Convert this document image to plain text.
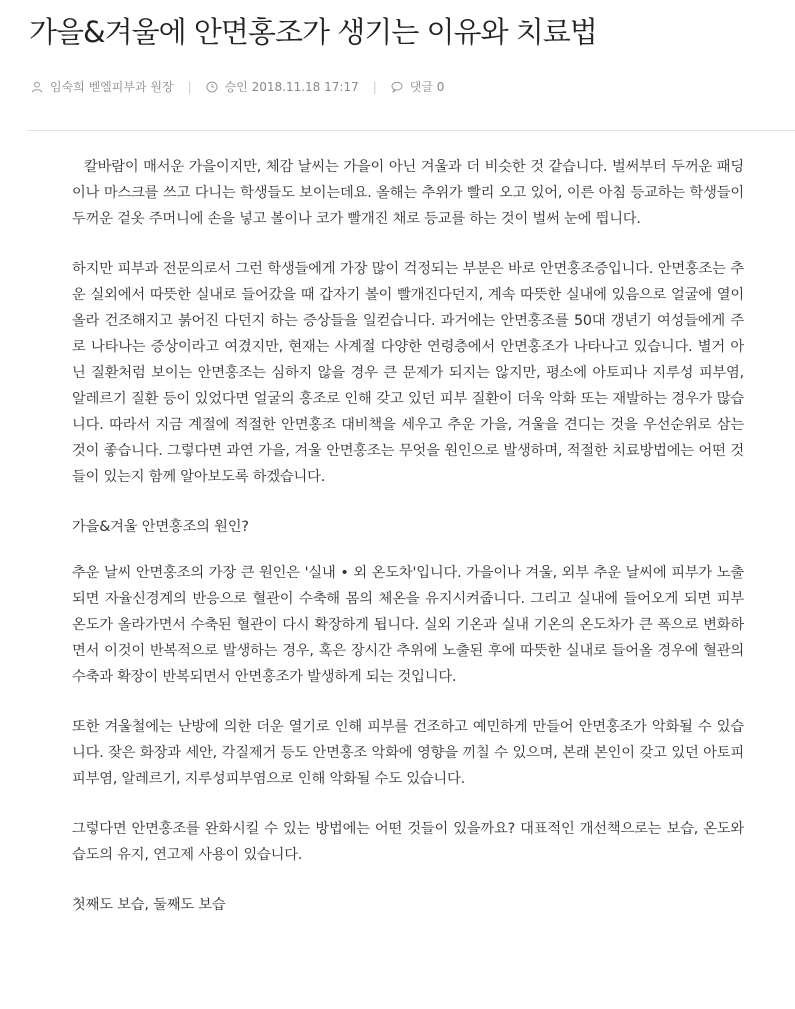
가을&겨울에 안면홍조가 생기는 이유와 치료법
임숙희 벧엘피부과 원장 |	승인 2018.11.18 17:17 |	댓글 0

칼바람이 매서운 가을이지만, 체감 날씨는 가을이 아닌 겨울과 더 비슷한 것 같습니다. 벌써부터 두꺼운 패딩이나 마스크를 쓰고 다니는 학생들도 보이는데요. 올해는 추위가 빨리 오고 있어, 이른 아침 등교하는 학생들이 두꺼운 겉옷 주머니에 손을 넣고 볼이나 코가 빨개진 채로 등교를 하는 것이 벌써 눈에 띕니다.

하지만 피부과 전문의로서 그런 학생들에게 가장 많이 걱정되는 부분은 바로 안면홍조증입니다. 안면홍조는 추운 실외에서 따뜻한 실내로 들어갔을 때 갑자기 볼이 빨개진다던지, 계속 따뜻한 실내에 있음으로 얼굴에 열이 올라 건조해지고 붉어진 다던지 하는 증상들을 일컫습니다. 과거에는 안면홍조를 50대 갱년기 여성들에게 주로 나타나는 증상이라고 여겼지만, 현재는 사계절 다양한 연령층에서 안면홍조가 나타나고 있습니다. 별거 아닌 질환처럼 보이는 안면홍조는 심하지 않을 경우 큰 문제가 되지는 않지만, 평소에 아토피나 지루성 피부염, 알레르기 질환 등이 있었다면 얼굴의 홍조로 인해 갖고 있던 피부 질환이 더욱 악화 또는 재발하는 경우가 많습니다. 따라서 지금 계절에 적절한 안면홍조 대비책을 세우고 추운 가을, 겨울을 견디는 것을 우선순위로 삼는 것이 좋습니다. 그렇다면 과연 가을, 겨울 안면홍조는 무엇을 원인으로 발생하며, 적절한 치료방법에는 어떤 것들이 있는지 함께 알아보도록 하겠습니다.

가을&겨울 안면홍조의 원인?

추운 날씨 안면홍조의 가장 큰 원인은 '실내 • 외 온도차'입니다. 가을이나 겨울, 외부 추운 날씨에 피부가 노출되면 자율신경계의 반응으로 혈관이 수축해 몸의 체온을 유지시켜줍니다. 그리고 실내에 들어오게 되면 피부 온도가 올라가면서 수축된 혈관이 다시 확장하게 됩니다. 실외 기온과 실내 기온의 온도차가 큰 폭으로 변화하면서 이것이 반복적으로 발생하는 경우, 혹은 장시간 추위에 노출된 후에 따뜻한 실내로 들어올 경우에 혈관의 수축과 확장이 반복되면서 안면홍조가 발생하게 되는 것입니다.

또한 겨울철에는 난방에 의한 더운 열기로 인해 피부를 건조하고 예민하게 만들어 안면홍조가 악화될 수 있습니다. 잦은 화장과 세안, 각질제거 등도 안면홍조 악화에 영향을 끼칠 수 있으며, 본래 본인이 갖고 있던 아토피피부염, 알레르기, 지루성피부염으로 인해 악화될 수도 있습니다.

그렇다면 안면홍조를 완화시킬 수 있는 방법에는 어떤 것들이 있을까요? 대표적인 개선책으로는 보습, 온도와 습도의 유지, 연고제 사용이 있습니다.

첫째도 보습, 둘째도 보습
